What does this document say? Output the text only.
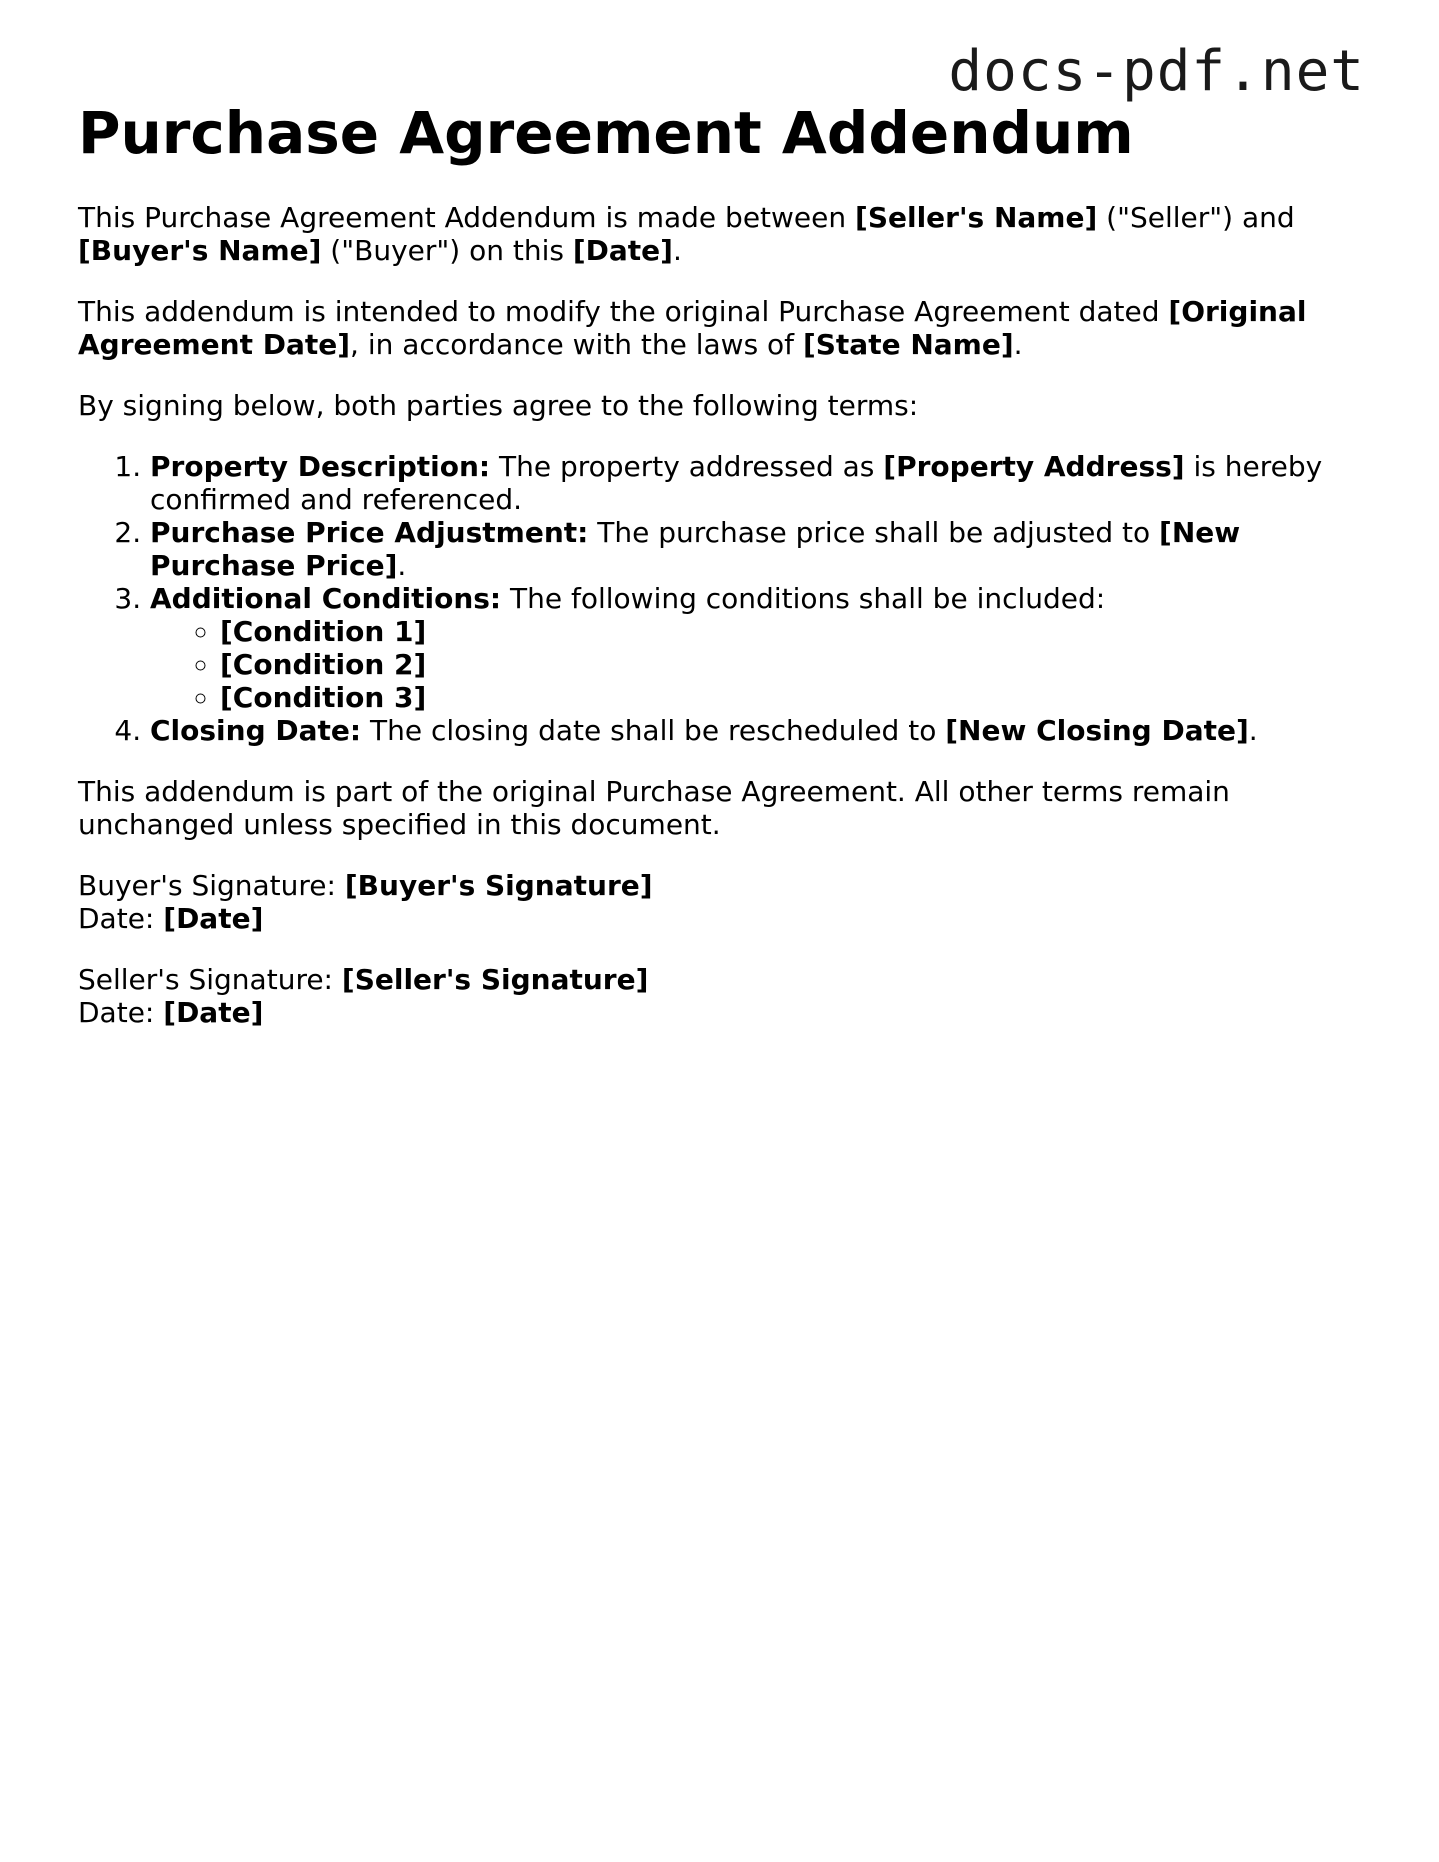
docs-pdf.net
Purchase Agreement Addendum

This Purchase Agreement Addendum is made between [Seller's Name] ("Seller") and [Buyer's Name] ("Buyer") on this [Date].

This addendum is intended to modify the original Purchase Agreement dated [Original Agreement Date], in accordance with the laws of [State Name].

By signing below, both parties agree to the following terms:

1. Property Description: The property addressed as [Property Address] is hereby confirmed and referenced.
2. Purchase Price Adjustment: The purchase price shall be adjusted to [New Purchase Price].
3. Additional Conditions: The following conditions shall be included:
◦ [Condition 1]
◦ [Condition 2]
◦ [Condition 3]
4. Closing Date: The closing date shall be rescheduled to [New Closing Date].

This addendum is part of the original Purchase Agreement. All other terms remain unchanged unless specified in this document.

Buyer's Signature: [Buyer's Signature]
Date: [Date]

Seller's Signature: [Seller's Signature]
Date: [Date]
